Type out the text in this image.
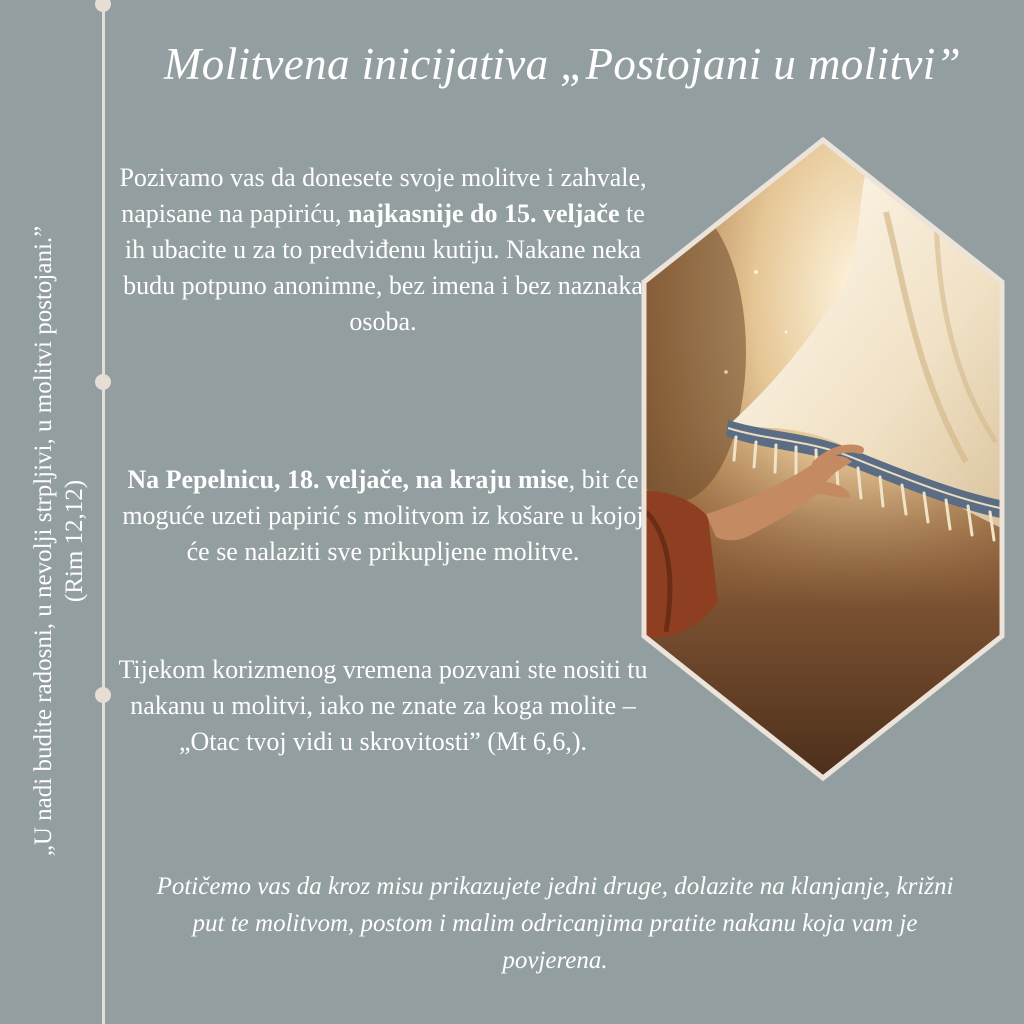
Molitvena inicijativa „Postojani u molitvi”
„U nadi budite radosni, u nevolji strpljivi, u molitvi postojani.” (Rim 12,12)

Pozivamo vas da donesete svoje molitve i zahvale, napisane na papiriću, najkasnije do 15. veljače te ih ubacite u za to predviđenu kutiju. Nakane neka budu potpuno anonimne, bez imena i bez naznaka osoba.

Na Pepelnicu, 18. veljače, na kraju mise, bit će moguće uzeti papirić s molitvom iz košare u kojoj će se nalaziti sve prikupljene molitve.

Tijekom korizmenog vremena pozvani ste nositi tu nakanu u molitvi, iako ne znate za koga molite – „Otac tvoj vidi u skrovitosti” (Mt 6,6,).

Potičemo vas da kroz misu prikazujete jedni druge, dolazite na klanjanje, križni put te molitvom, postom i malim odricanjima pratite nakanu koja vam je povjerena.
